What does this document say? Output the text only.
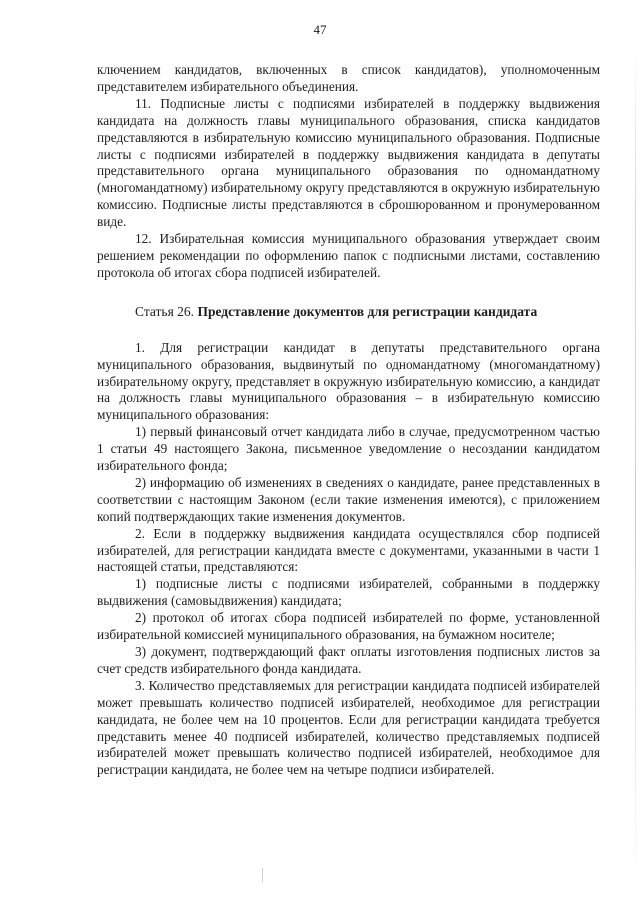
47

ключением кандидатов, включенных в список кандидатов), уполномоченным представителем избирательного объединения.

11. Подписные листы с подписями избирателей в поддержку выдвижения кандидата на должность главы муниципального образования, списка кандидатов представляются в избирательную комиссию муниципального образования. Подписные листы с подписями избирателей в поддержку выдвижения кандидата в депутаты представительного органа муниципального образования по одномандатному (многомандатному) избирательному округу представляются в окружную избирательную комиссию. Подписные листы представляются в сброшюрованном и пронумерованном виде.

12. Избирательная комиссия муниципального образования утверждает своим решением рекомендации по оформлению папок с подписными листами, составлению протокола об итогах сбора подписей избирателей.

Статья 26. Представление документов для регистрации кандидата

1. Для регистрации кандидат в депутаты представительного органа муниципального образования, выдвинутый по одномандатному (многомандатному) избирательному округу, представляет в окружную избирательную комиссию, а кандидат на должность главы муниципального образования – в избирательную комиссию муниципального образования:

1) первый финансовый отчет кандидата либо в случае, предусмотренном частью 1 статьи 49 настоящего Закона, письменное уведомление о несоздании кандидатом избирательного фонда;

2) информацию об изменениях в сведениях о кандидате, ранее представленных в соответствии с настоящим Законом (если такие изменения имеются), с приложением копий подтверждающих такие изменения документов.

2. Если в поддержку выдвижения кандидата осуществлялся сбор подписей избирателей, для регистрации кандидата вместе с документами, указанными в части 1 настоящей статьи, представляются:

1) подписные листы с подписями избирателей, собранными в поддержку выдвижения (самовыдвижения) кандидата;

2) протокол об итогах сбора подписей избирателей по форме, установленной избирательной комиссией муниципального образования, на бумажном носителе;

3) документ, подтверждающий факт оплаты изготовления подписных листов за счет средств избирательного фонда кандидата.

3. Количество представляемых для регистрации кандидата подписей избирателей может превышать количество подписей избирателей, необходимое для регистрации кандидата, не более чем на 10 процентов. Если для регистрации кандидата требуется представить менее 40 подписей избирателей, количество представляемых подписей избирателей может превышать количество подписей избирателей, необходимое для регистрации кандидата, не более чем на четыре подписи избирателей.
